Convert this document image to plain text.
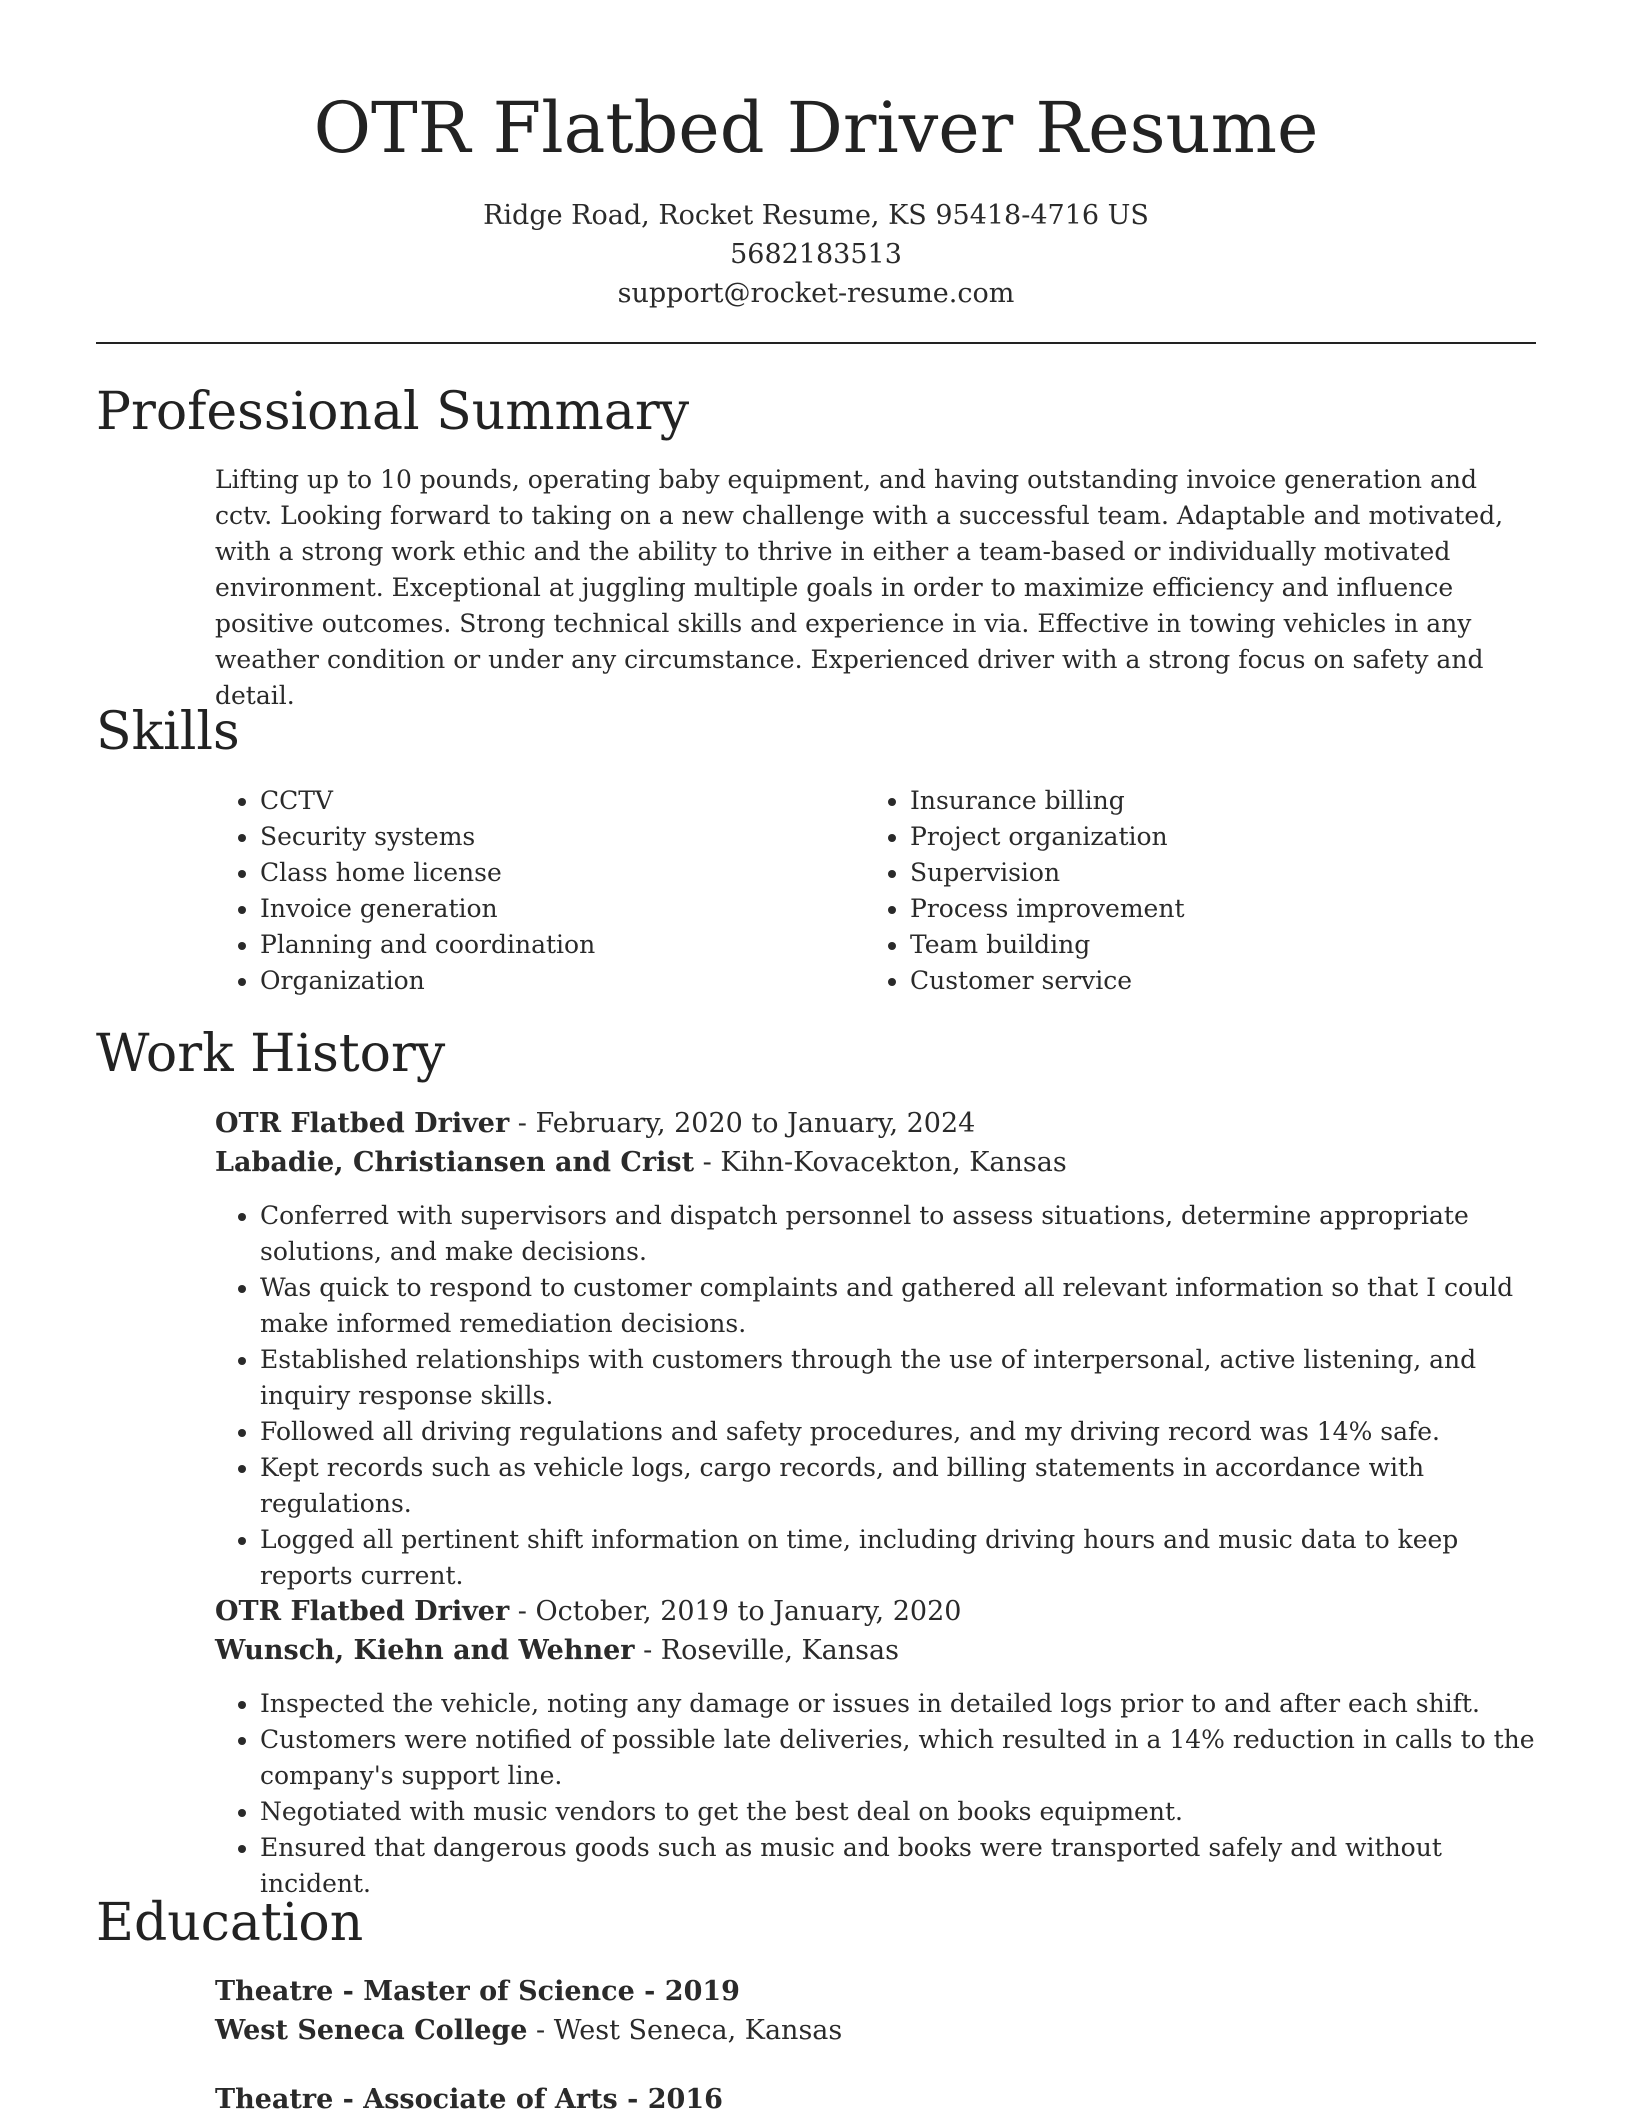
OTR Flatbed Driver Resume
Ridge Road, Rocket Resume, KS 95418-4716 US
5682183513
support@rocket-resume.com
Professional Summary

Lifting up to 10 pounds, operating baby equipment, and having outstanding invoice generation and cctv. Looking forward to taking on a new challenge with a successful team. Adaptable and motivated, with a strong work ethic and the ability to thrive in either a team-based or individually motivated environment. Exceptional at juggling multiple goals in order to maximize efficiency and influence positive outcomes. Strong technical skills and experience in via. Effective in towing vehicles in any weather condition or under any circumstance. Experienced driver with a strong focus on safety and detail.

Skills
• CCTV
• Security systems
• Class home license
• Invoice generation
• Planning and coordination
• Organization
• Insurance billing
• Project organization
• Supervision
• Process improvement
• Team building
• Customer service
Work History
OTR Flatbed Driver - February, 2020 to January, 2024
Labadie, Christiansen and Crist - Kihn-Kovacekton, Kansas
• Conferred with supervisors and dispatch personnel to assess situations, determine appropriate solutions, and make decisions.
• Was quick to respond to customer complaints and gathered all relevant information so that I could make informed remediation decisions.
• Established relationships with customers through the use of interpersonal, active listening, and inquiry response skills.
• Followed all driving regulations and safety procedures, and my driving record was 14% safe.
• Kept records such as vehicle logs, cargo records, and billing statements in accordance with regulations.
• Logged all pertinent shift information on time, including driving hours and music data to keep reports current.
OTR Flatbed Driver - October, 2019 to January, 2020
Wunsch, Kiehn and Wehner - Roseville, Kansas
• Inspected the vehicle, noting any damage or issues in detailed logs prior to and after each shift.
• Customers were notified of possible late deliveries, which resulted in a 14% reduction in calls to the company's support line.
• Negotiated with music vendors to get the best deal on books equipment.
• Ensured that dangerous goods such as music and books were transported safely and without incident.
Education
Theatre - Master of Science - 2019
West Seneca College - West Seneca, Kansas
Theatre - Associate of Arts - 2016
